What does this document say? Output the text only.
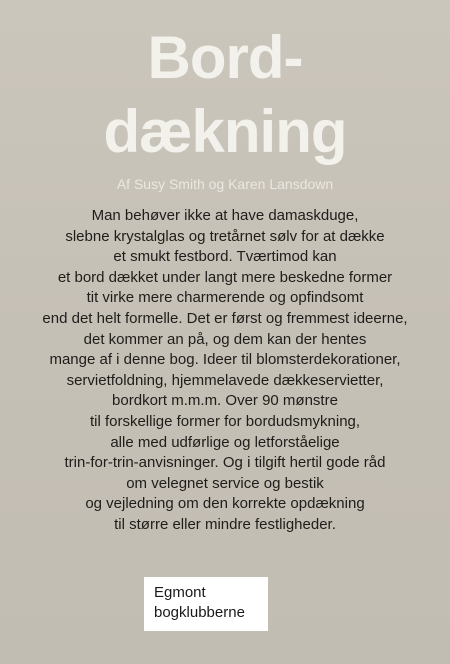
Bord-
dækning

Af Susy Smith og Karen Lansdown

Man behøver ikke at have damaskduge,
slebne krystalglas og tretårnet sølv for at dække
et smukt festbord. Tværtimod kan
et bord dækket under langt mere beskedne former
tit virke mere charmerende og opfindsomt
end det helt formelle. Det er først og fremmest ideerne,
det kommer an på, og dem kan der hentes
mange af i denne bog. Ideer til blomsterdekorationer,
servietfoldning, hjemmelavede dækkeservietter,
bordkort m.m.m. Over 90 mønstre
til forskellige former for bordudsmykning,
alle med udførlige og letforståelige
trin-for-trin-anvisninger. Og i tilgift hertil gode råd
om velegnet service og bestik
og vejledning om den korrekte opdækning
til større eller mindre festligheder.
Egmont
bogklubberne
